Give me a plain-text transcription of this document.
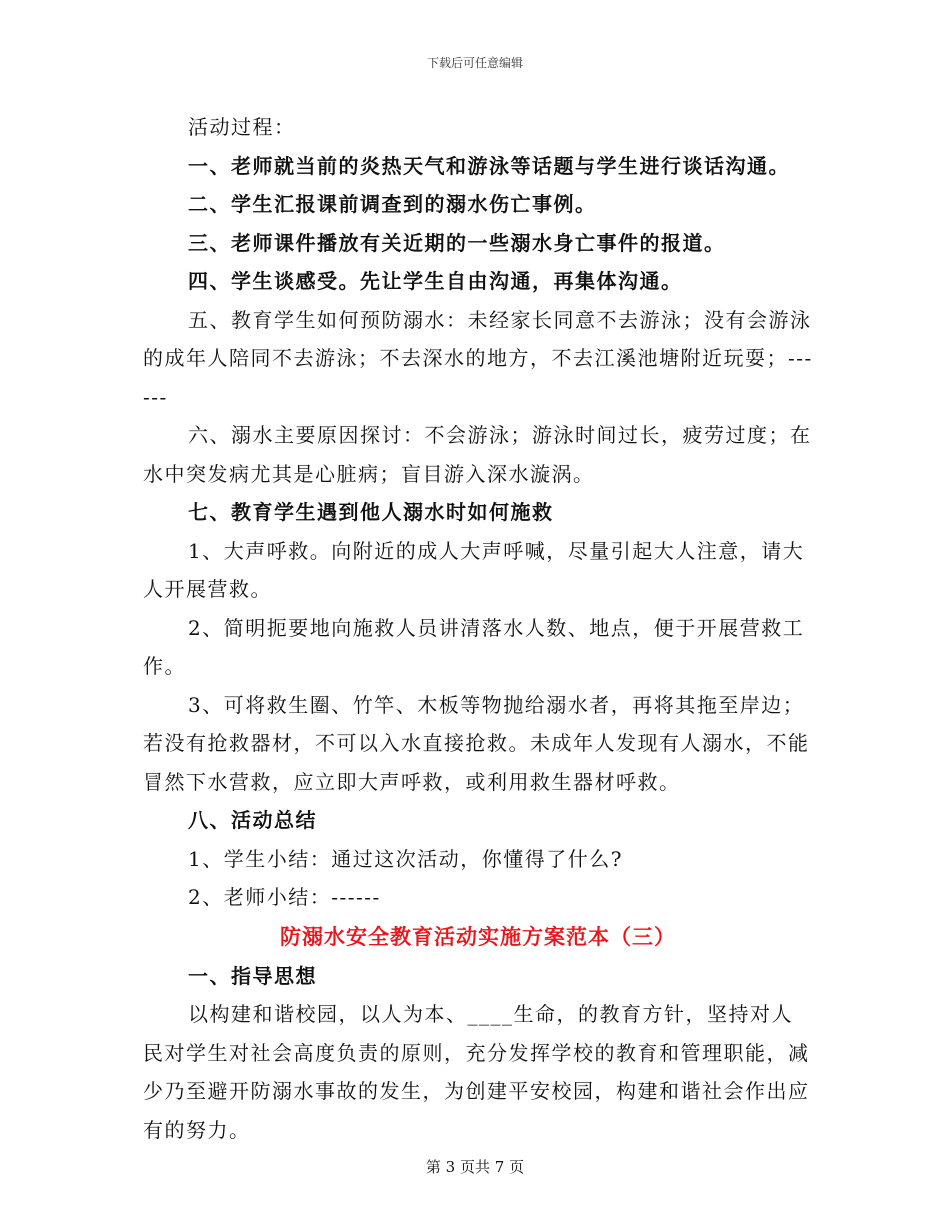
下载后可任意编辑

活动过程：

一、老师就当前的炎热天气和游泳等话题与学生进行谈话沟通。

二、学生汇报课前调查到的溺水伤亡事例。

三、老师课件播放有关近期的一些溺水身亡事件的报道。

四、学生谈感受。先让学生自由沟通，再集体沟通。

五、教育学生如何预防溺水：未经家长同意不去游泳；没有会游泳的成年人陪同不去游泳；不去深水的地方，不去江溪池塘附近玩耍；------

六、溺水主要原因探讨：不会游泳；游泳时间过长，疲劳过度；在水中突发病尤其是心脏病；盲目游入深水漩涡。

七、教育学生遇到他人溺水时如何施救

1、大声呼救。向附近的成人大声呼喊，尽量引起大人注意，请大人开展营救。

2、简明扼要地向施救人员讲清落水人数、地点，便于开展营救工作。

3、可将救生圈、竹竿、木板等物抛给溺水者，再将其拖至岸边；若没有抢救器材，不可以入水直接抢救。未成年人发现有人溺水，不能冒然下水营救，应立即大声呼救，或利用救生器材呼救。

八、活动总结

1、学生小结：通过这次活动，你懂得了什么?

2、老师小结：------

防溺水安全教育活动实施方案范本（三）

一、指导思想

以构建和谐校园，以人为本、____生命，的教育方针，坚持对人民对学生对社会高度负责的原则，充分发挥学校的教育和管理职能，减少乃至避开防溺水事故的发生，为创建平安校园，构建和谐社会作出应有的努力。

第 3 页共 7 页
